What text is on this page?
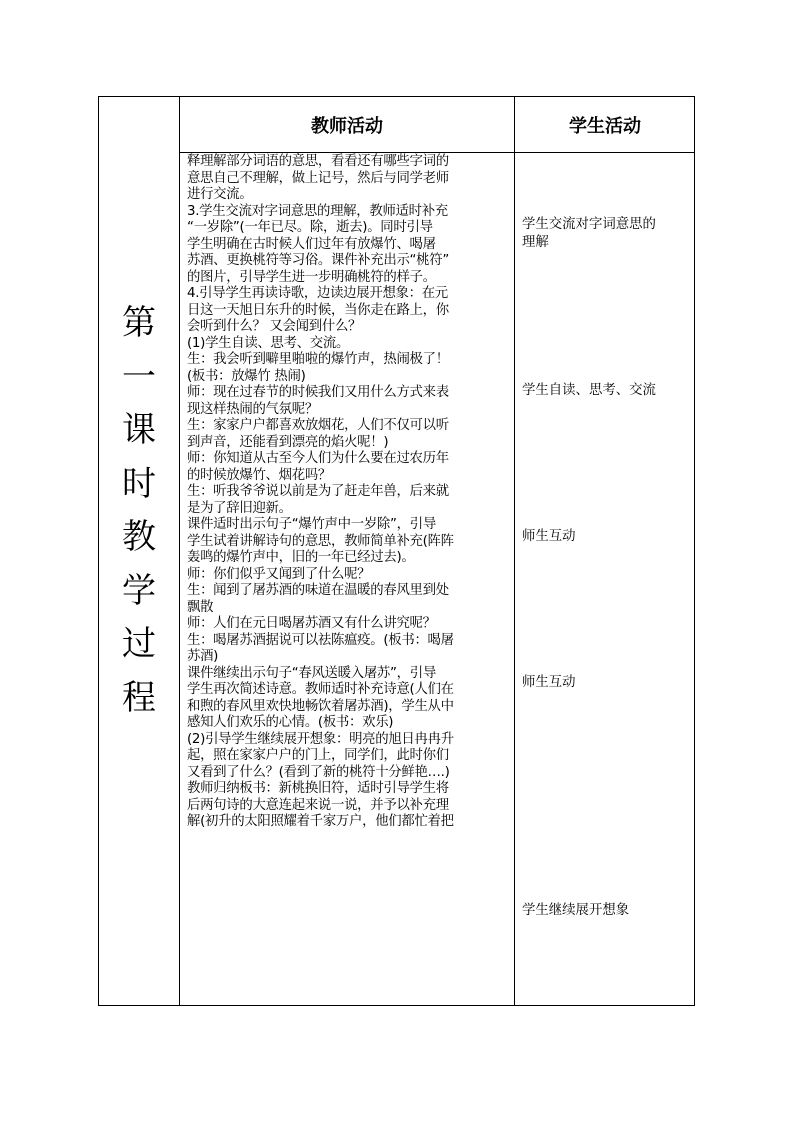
教师活动	学生活动
第
一
课
时
教
学
过
程
释理解部分词语的意思，看看还有哪些字词的
意思自己不理解，做上记号，然后与同学老师
进行交流。
3.学生交流对字词意思的理解，教师适时补充
“一岁除”(一年已尽。除，逝去)。同时引导
学生明确在古时候人们过年有放爆竹、喝屠
苏酒、更换桃符等习俗。课件补充出示“桃符”
的图片，引导学生进一步明确桃符的样子。
4.引导学生再读诗歌，边读边展开想象：在元
日这一天旭日东升的时候，当你走在路上，你
会听到什么？ 又会闻到什么？
(1)学生自读、思考、交流。
生：我会听到噼里啪啦的爆竹声，热闹极了！
(板书：放爆竹 热闹)
师：现在过春节的时候我们又用什么方式来表
现这样热闹的气氛呢？
生：家家户户都喜欢放烟花，人们不仅可以听
到声音，还能看到漂亮的焰火呢！)
师：你知道从古至今人们为什么要在过农历年
的时候放爆竹、烟花吗？
生：听我爷爷说以前是为了赶走年兽，后来就
是为了辞旧迎新。
课件适时出示句子“爆竹声中一岁除”，引导
学生试着讲解诗句的意思，教师简单补充(阵阵
轰鸣的爆竹声中，旧的一年已经过去)。
师：你们似乎又闻到了什么呢？
生：闻到了屠苏酒的味道在温暖的春风里到处
飘散
师：人们在元日喝屠苏酒又有什么讲究呢？
生：喝屠苏酒据说可以祛陈瘟疫。(板书：喝屠
苏酒)
课件继续出示句子“春风送暖入屠苏”，引导
学生再次简述诗意。教师适时补充诗意(人们在
和煦的春风里欢快地畅饮着屠苏酒)，学生从中
感知人们欢乐的心情。(板书：欢乐)
(2)引导学生继续展开想象：明亮的旭日冉冉升
起，照在家家户户的门上，同学们，此时你们
又看到了什么？(看到了新的桃符十分鲜艳….)
教师归纳板书：新桃换旧符，适时引导学生将
后两句诗的大意连起来说一说，并予以补充理
解(初升的太阳照耀着千家万户，他们都忙着把
学生交流对字词意思的
理解
学生自读、思考、交流
师生互动
师生互动
学生继续展开想象
